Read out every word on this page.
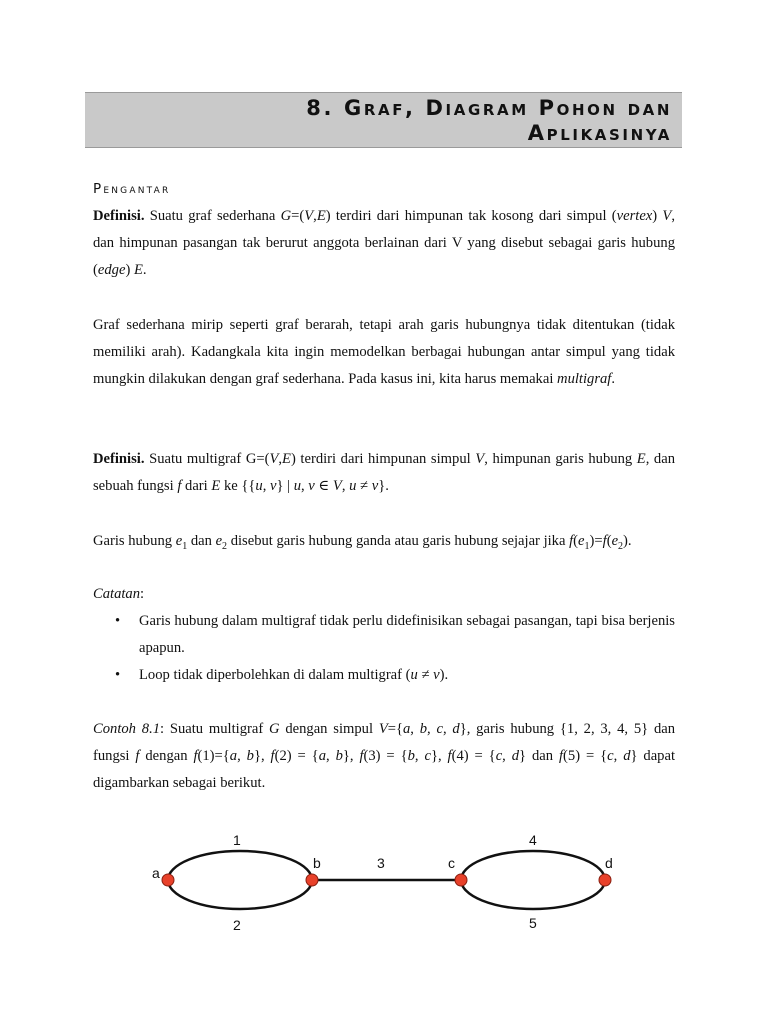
8. Graf, Diagram Pohon dan
Aplikasinya
Pengantar

Definisi. Suatu graf sederhana G=(V,E) terdiri dari himpunan tak kosong dari simpul (vertex) V, dan himpunan pasangan tak berurut anggota berlainan dari V yang disebut sebagai garis hubung (edge) E.

Graf sederhana mirip seperti graf berarah, tetapi arah garis hubungnya tidak ditentukan (tidak memiliki arah). Kadangkala kita ingin memodelkan berbagai hubungan antar simpul yang tidak mungkin dilakukan dengan graf sederhana. Pada kasus ini, kita harus memakai multigraf.

Definisi. Suatu multigraf G=(V,E) terdiri dari himpunan simpul V, himpunan garis hubung E, dan sebuah fungsi f dari E ke {{u, v} | u, v ∈ V, u ≠ v}.

Garis hubung $e_1$ dan $e_2$ disebut garis hubung ganda atau garis hubung sejajar jika $f(e_1)=f(e_2)$.

Catatan:

• Garis hubung dalam multigraf tidak perlu didefinisikan sebagai pasangan, tapi bisa berjenis apapun.
• Loop tidak diperbolehkan di dalam multigraf (u ≠ v).

Contoh 8.1: Suatu multigraf G dengan simpul V={a, b, c, d}, garis hubung {1, 2, 3, 4, 5} dan fungsi f dengan f(1)={a, b}, f(2) = {a, b}, f(3) = {b, c}, f(4) = {c, d} dan f(5) = {c, d} dapat digambarkan sebagai berikut.

a
b	c	d
1
2
3
4
5
